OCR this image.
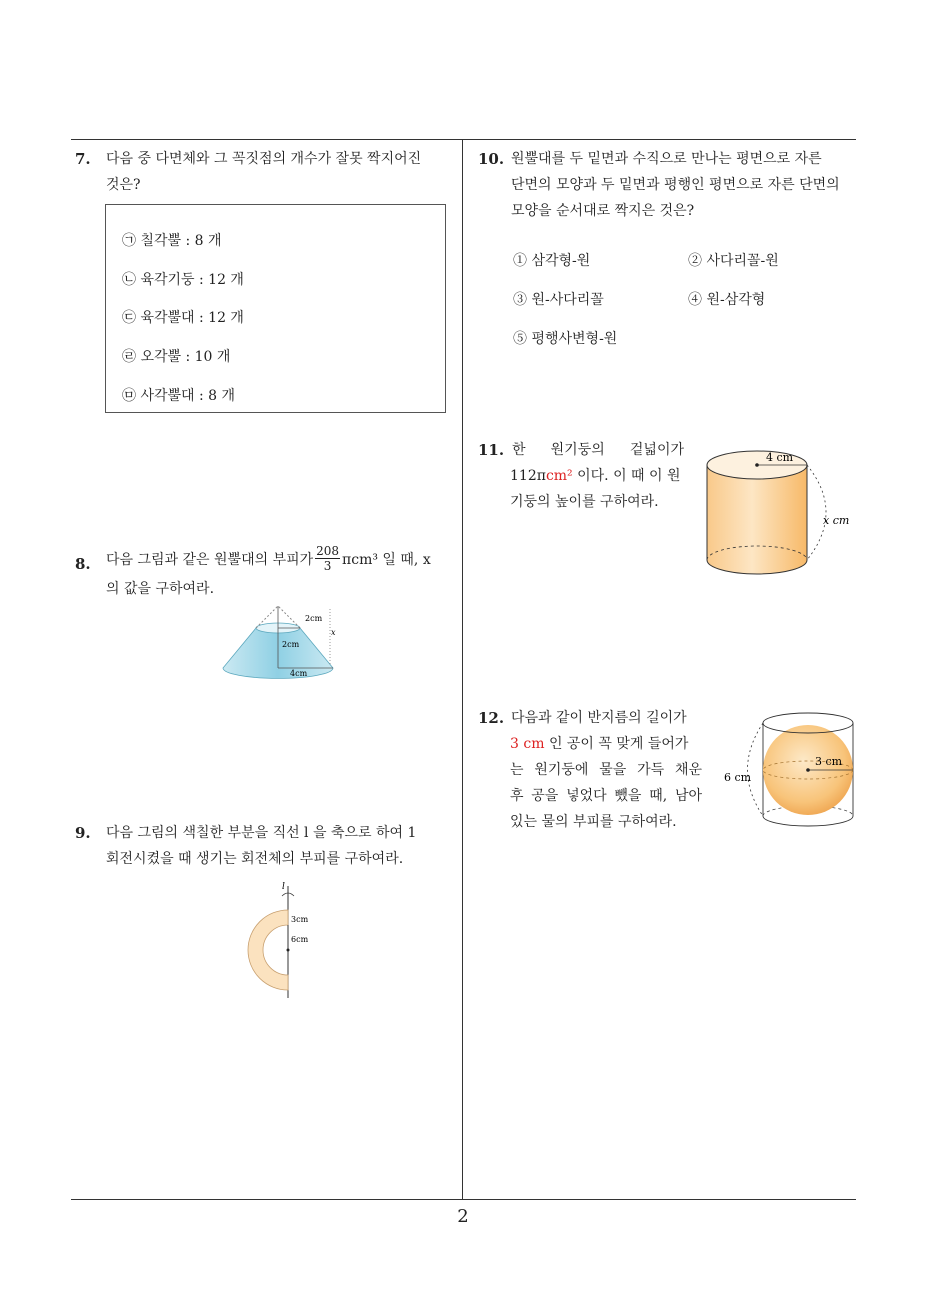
7. 다음 중 다면체와 그 꼭짓점의 개수가 잘못 짝지어진
것은?
㉠ 칠각뿔 : 8 개
㉡ 육각기둥 : 12 개
㉢ 육각뿔대 : 12 개
㉣ 오각뿔 : 10 개
㉤ 사각뿔대 : 8 개
8. 다음 그림과 같은 원뿔대의 부피가 $\frac{208}{3} \pi cm^3$ 일 때, x
의 값을 구하여라.
2cm
2cm
4cm
x
9. 다음 그림의 색칠한 부분을 직선 l 을 축으로 하여 1
회전시켰을 때 생기는 회전체의 부피를 구하여라.
l
3cm
6cm
10. 원뿔대를 두 밑면과 수직으로 만나는 평면으로 자른
단면의 모양과 두 밑면과 평행인 평면으로 자른 단면의
모양을 순서대로 짝지은 것은?
① 삼각형-원	② 사다리꼴-원
③ 원-사다리꼴	④ 원-삼각형
⑤ 평행사변형-원
11. 한 원기둥의 겉넓이가
112πcm² 이다. 이 때 이 원
기둥의 높이를 구하여라.
4 cm
x cm
12. 다음과 같이 반지름의 길이가
3 cm 인 공이 꼭 맞게 들어가
는 원기둥에 물을 가득 채운
후 공을 넣었다 뺐을 때, 남아
있는 물의 부피를 구하여라.
3 cm
6 cm
2
